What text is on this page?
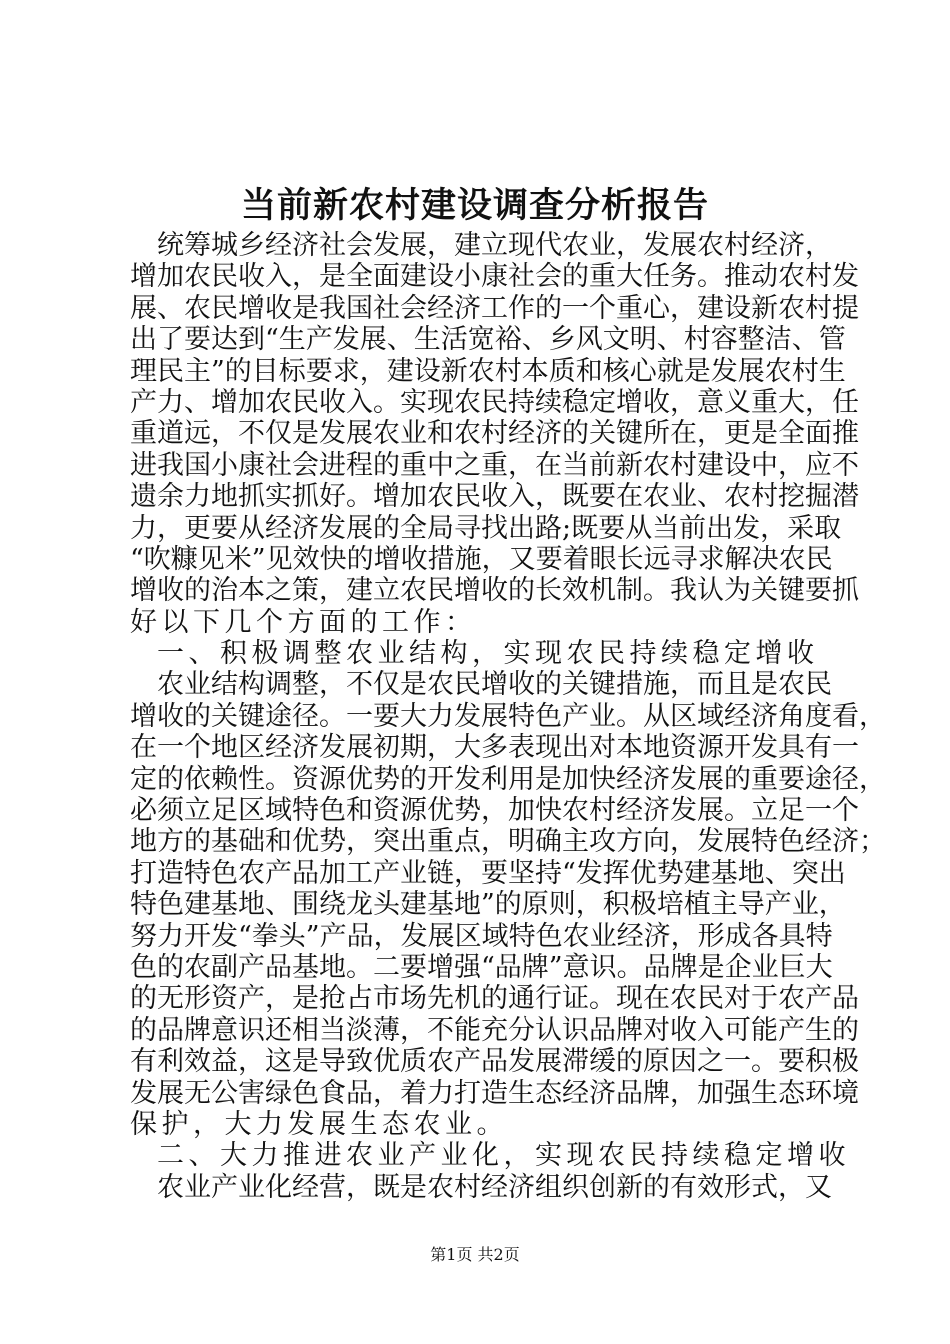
当前新农村建设调查分析报告
统筹城乡经济社会发展，建立现代农业，发展农村经济，
增加农民收入，是全面建设小康社会的重大任务。推动农村发
展、农民增收是我国社会经济工作的一个重心，建设新农村提
出了要达到“生产发展、生活宽裕、乡风文明、村容整洁、管
理民主”的目标要求，建设新农村本质和核心就是发展农村生
产力、增加农民收入。实现农民持续稳定增收，意义重大，任
重道远，不仅是发展农业和农村经济的关键所在，更是全面推
进我国小康社会进程的重中之重，在当前新农村建设中，应不
遗余力地抓实抓好。增加农民收入，既要在农业、农村挖掘潜
力，更要从经济发展的全局寻找出路;既要从当前出发，采取
“吹糠见米”见效快的增收措施，又要着眼长远寻求解决农民
增收的治本之策，建立农民增收的长效机制。我认为关键要抓
好以下几个方面的工作：
一、积极调整农业结构，实现农民持续稳定增收
农业结构调整，不仅是农民增收的关键措施，而且是农民
增收的关键途径。一要大力发展特色产业。从区域经济角度看，
在一个地区经济发展初期，大多表现出对本地资源开发具有一
定的依赖性。资源优势的开发利用是加快经济发展的重要途径，
必须立足区域特色和资源优势，加快农村经济发展。立足一个
地方的基础和优势，突出重点，明确主攻方向，发展特色经济；
打造特色农产品加工产业链，要坚持“发挥优势建基地、突出
特色建基地、围绕龙头建基地”的原则，积极培植主导产业，
努力开发“拳头”产品，发展区域特色农业经济，形成各具特
色的农副产品基地。二要增强“品牌”意识。品牌是企业巨大
的无形资产，是抢占市场先机的通行证。现在农民对于农产品
的品牌意识还相当淡薄，不能充分认识品牌对收入可能产生的
有利效益，这是导致优质农产品发展滞缓的原因之一。要积极
发展无公害绿色食品，着力打造生态经济品牌，加强生态环境
保护，大力发展生态农业。
二、大力推进农业产业化，实现农民持续稳定增收
农业产业化经营，既是农村经济组织创新的有效形式，又
第1页 共2页
